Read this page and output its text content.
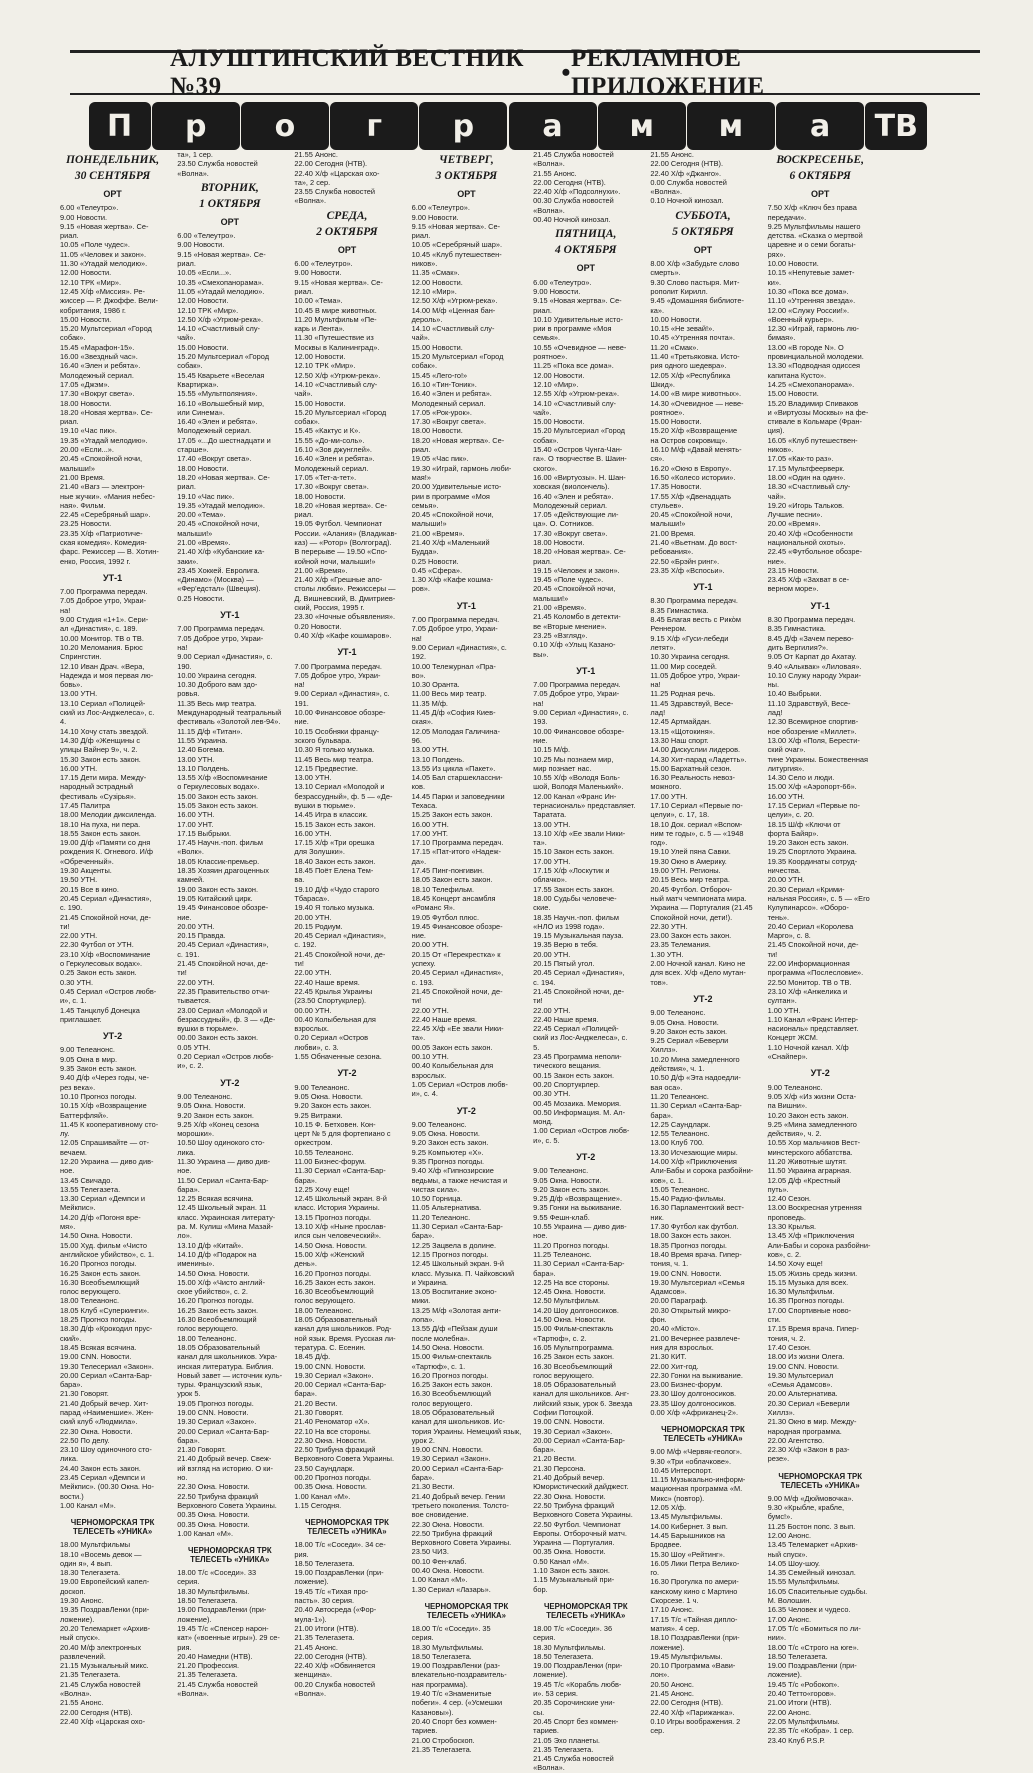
АЛУШТИНСКИЙ ВЕСТНИК №39	• РЕКЛАМНОЕ ПРИЛОЖЕНИЕ
П	р	о	г	р	а	м	м	а	ТВ
ПОНЕДЕЛЬНИК,
30 СЕНТЯБРЯ
ОРТ
6.00 «Телеутро».
9.00 Новости.
9.15 «Новая жертва». Се-
риал.
10.05 «Поле чудес».
11.05 «Человек и закон».
11.30 «Угадай мелодию».
12.00 Новости.
12.10 ТРК «Мир».
12.45 Х/ф «Миссия». Ре-
жиссер — Р. Джоффе. Вели-
кобритания, 1986 г.
15.00 Новости.
15.20 Мультсериал «Город
собак».
15.45 «Марафон-15».
16.00 «Звездный час».
16.40 «Элен и ребята».
Молодежный сериал.
17.05 «Джэм».
17.30 «Вокруг света».
18.00 Новости.
18.20 «Новая жертва». Се-
риал.
19.10 «Час пик».
19.35 «Угадай мелодию».
20.00 «Если...».
20.45 «Спокойной ночи,
малыши!»
21.00 Время.
21.40 «Вагз — электрон-
ные жучки». «Мания небес-
ная». Фильм.
22.45 «Серебряный шар».
23.25 Новости.
23.35 Х/ф «Патриотиче-
ская комедия». Комедия-
фарс. Режиссер — В. Хотин-
енко, Россия, 1992 г.
УТ-1
7.00 Программа передач.
7.05 Доброе утро, Украи-
на!
9.00 Студия «1+1». Сери-
ал «Династия», с. 189.
10.00 Монитор. ТВ о ТВ.
10.20 Меломания. Брюс
Спрингстин.
12.10 Иван Драч. «Вера,
Надежда и моя первая лю-
бовь».
13.00 УТН.
13.10 Сериал «Полицей-
ский из Лос-Анджелеса», с.
4.
14.10 Хочу стать звездой.
14.30 Д/ф «Женщины с
улицы Вайнер 9», ч. 2.
15.30 Закон есть закон.
16.00 УТН.
17.15 Дети мира. Между-
народный эстрадный
фестиваль «Сузірья».
17.45 Палитра
18.00 Мелодии диксиленда.
18.10 На пуха, ни пера.
18.55 Закон есть закон.
19.00 Д/ф «Памяти со дня
рождения К. Огневого. И/ф
«Обреченный».
19.30 Акценты.
19.50 УТН.
20.15 Все в кино.
20.45 Сериал «Династия»,
с. 190.
21.45 Спокойной ночи, де-
ти!
22.00 УТН.
22.30 Футбол от УТН.
23.10 Х/ф «Воспоминание
о Геркулесовых водах».
0.25 Закон есть закон.
0.30 УТН.
0.45 Сериал «Остров любв-
и», с. 1.
1.45 Танцклуб Донецка
приглашает.
УТ-2
9.00 Телеанонс.
9.05 Окна в мир.
9.35 Закон есть закон.
9.40 Д/ф «Через годы, че-
рез века».
10.10 Прогноз погоды.
10.15 Х/ф «Возвращение
Баттерфляй».
11.45 К кооперативному сто-
лу.
12.05 Спрашивайте — от-
вечаем.
12.20 Украина — диво див-
ное.
13.45 Свичадо.
13.55 Телегазета.
13.30 Сериал «Демпси и
Мейкпис».
14.20 Д/ф «Погоня вре-
мя».
14.50 Окна. Новости.
15.00 Худ. фильм «Чисто
английское убийство», с. 1.
16.20 Прогноз погоды.
16.25 Закон есть закон.
16.30 Всеобъемлющий
голос верующего.
18.00 Телеанонс.
18.05 Клуб «Суперкинги».
18.25 Прогноз погоды.
18.30 Д/ф «Крокодил прус-
ский».
18.45 Всякая всячина.
19.00 CNN. Новости.
19.30 Телесериал «Закон».
20.00 Сериал «Санта-Бар-
бара».
21.30 Говорят.
21.40 Добрый вечер. Хит-
парад «Наименшие». Жен-
ский клуб «Людмила».
22.30 Окна. Новости.
22.50 По делу.
23.10 Шоу одиночного сто-
лика.
24.40 Закон есть закон.
23.45 Сериал «Демпси и
Мейкпис». (00.30 Окна. Но-
вости.)
1.00 Канал «М».
ЧЕРНОМОРСКАЯ ТРК ТЕЛЕСЕТЬ «УНИКА»
18.00 Мультфильмы
18.10 «Восемь девок —
один я», 4 вып.
18.30 Телегазета.
19.00 Европейский капел-
доскоп.
19.30 Анонс.
19.35 ПоздравЛенки (при-
ложение).
20.20 Телемаркет «Архив-
ный спуск».
20.40 М/ф электронных
развлечений.
21.15 Музыкальный микс.
21.35 Телегазета.
21.45 Служба новостей
«Волна».
21.55 Анонс.
22.00 Сегодня (НТВ).
22.40 Х/ф «Царская охо-
та», 1 сер.
23.50 Служба новостей
«Волна».
ВТОРНИК,
1 ОКТЯБРЯ
ОРТ
6.00 «Телеутро».
9.00 Новости.
9.15 «Новая жертва». Се-
риал.
10.05 «Если...».
10.35 «Смехопанорама».
11.05 «Угадай мелодию».
12.00 Новости.
12.10 ТРК «Мир».
12.50 Х/ф «Угрюм-река».
14.10 «Счастливый слу-
чай».
15.00 Новости.
15.20 Мультсериал «Город
собак».
15.45 Кварьете «Веселая
Квартирка».
15.55 «Мультполяния».
16.10 «Вольшебный мир,
или Синема».
16.40 «Элен и ребята».
Молодежный сериал.
17.05 «...До шестнадцати и
старше».
17.40 «Вокруг света».
18.00 Новости.
18.20 «Новая жертва». Се-
риал.
19.10 «Час пик».
19.35 «Угадай мелодию».
20.00 «Тема».
20.45 «Спокойной ночи,
малыши!»
21.00 «Время».
21.40 Х/ф «Кубанские ка-
заки».
23.45 Хоккей. Евролига.
«Динамо» (Москва) —
«Фер'едстал» (Швеция).
0.25 Новости.
УТ-1
7.00 Программа передач.
7.05 Доброе утро, Украи-
на!
9.00 Сериал «Династия», с.
190.
10.00 Украина сегодня.
10.30 Доброго вам здо-
ровья.
11.35 Весь мир театра.
Международный театральный
фестиваль «Золотой лев-94».
11.15 Д/ф «Титан».
11.55 Украина.
12.40 Богема.
13.00 УТН.
13.10 Полдень.
13.55 Х/ф «Воспоминание
о Геркулесовых водах».
15.00 Закон есть закон.
15.05 Закон есть закон.
16.00 УТН.
17.00 УНТ.
17.15 Выбрыки.
17.45 Научн.-поп. фильм
«Волк».
18.05 Классик-премьер.
18.35 Хозяин драгоценных
камней.
19.00 Закон есть закон.
19.05 Китайский цирк.
19.45 Финансовое обозре-
ние.
20.00 УТН.
20.15 Правда.
20.45 Сериал «Династия»,
с. 191.
21.45 Спокойной ночи, де-
ти!
22.00 УТН.
22.35 Правительство отчи-
тывается.
23.00 Сериал «Молодой и
безрассудный», ф. 3 — «Де-
вушки в тюрьме».
00.00 Закон есть закон.
0.05 УТН.
0.20 Сериал «Остров любв-
и», с. 2.
УТ-2
9.00 Телеанонс.
9.05 Окна. Новости.
9.20 Закон есть закон.
9.25 Х/ф «Конец сезона
морошки».
10.50 Шоу одинокого сто-
лика.
11.30 Украина — диво див-
ное.
11.50 Сериал «Санта-Бар-
бара».
12.25 Всякая всячина.
12.45 Школьный экран. 11
класс. Украинская литерату-
ра. М. Кулиш «Мина Мазай-
ло».
13.10 Д/ф «Китай».
14.10 Д/ф «Подарок на
именины».
14.50 Окна. Новости.
15.00 Х/ф «Чисто англий-
ское убийство», с. 2.
16.20 Прогноз погоды.
16.25 Закон есть закон.
16.30 Всеобъемлющий
голос верующего.
18.00 Телеанонс.
18.05 Образовательный
канал для школьников. Укра-
инская литература. Библия.
Новый завет — источник куль-
туры. Французский язык,
урок 5.
19.05 Прогноз погоды.
19.00 CNN. Новости.
19.30 Сериал «Закон».
20.00 Сериал «Санта-Бар-
бара».
21.30 Говорят.
21.40 Добрый вечер. Свеж-
ий взгляд на историю. О ки-
но.
22.30 Окна. Новости.
22.50 Трибуна фракций
Верховного Совета Украины.
00.35 Окна. Новости.
00.35 Окна. Новости.
1.00 Канал «М».
ЧЕРНОМОРСКАЯ ТРК ТЕЛЕСЕТЬ «УНИКА»
18.00 Т/с «Соседи». 33
серия.
18.30 Мультфильмы.
18.50 Телегазета.
19.00 ПоздравЛенки (при-
ложение).
19.45 Т/с «Спенсер нарон-
кат» («военные игры»). 29 се-
рия.
20.40 Намедни (НТВ).
21.20 Профессия.
21.35 Телегазета.
21.45 Служба новостей
«Волна».
21.55 Анонс.
22.00 Сегодня (НТВ).
22.40 Х/ф «Царская охо-
та», 2 сер.
23.55 Служба новостей
«Волна».
СРЕДА,
2 ОКТЯБРЯ
ОРТ
6.00 «Телеутро».
9.00 Новости.
9.15 «Новая жертва». Се-
риал.
10.00 «Тема».
10.45 В мире животных.
11.20 Мультфильм «Пе-
карь и Лента».
11.30 «Путешествие из
Москвы в Калининград».
12.00 Новости.
12.10 ТРК «Мир».
12.50 Х/ф «Угрюм-река».
14.10 «Счастливый слу-
чай».
15.00 Новости.
15.20 Мультсериал «Город
собак».
15.45 «Кактус и К».
15.55 «До-ми-соль».
16.10 «Зов джунглей».
16.40 «Элен и ребята».
Молодежный сериал.
17.05 «Тет-а-тет».
17.30 «Вокруг света».
18.00 Новости.
18.20 «Новая жертва». Се-
риал.
19.05 Футбол. Чемпионат
России. «Алания» (Владикав-
каз) — «Ротор» (Волгоград).
В перерыве — 19.50 «Спо-
койной ночи, малыши!»
21.00 «Время».
21.40 Х/ф «Грешные апо-
столы любви». Режиссеры —
Д. Вишневский, В. Дмитриев-
ский, Россия, 1995 г.
23.30 «Ночные объявления».
0.20 Новости.
0.40 Х/ф «Кафе кошмаров».
УТ-1
7.00 Программа передач.
7.05 Доброе утро, Украи-
на!
9.00 Сериал «Династия», с.
191.
10.00 Финансовое обозре-
ние.
10.15 Особняки францу-
зского бульвара.
10.30 Я только музыка.
11.45 Весь мир театра.
12.15 Предвестие.
13.00 УТН.
13.10 Сериал «Молодой и
безрассудный», ф. 5 — «Де-
вушки в тюрьме».
14.45 Игра в классик.
15.15 Закон есть закон.
16.00 УТН.
17.15 Х/ф «Три орешка
для Золушки».
18.40 Закон есть закон.
18.45 Поёт Елена Тем-
ва.
19.10 Д/ф «Чудо старого
Тбараса».
19.40 Я только музыка.
20.00 УТН.
20.15 Родиум.
20.45 Сериал «Династия»,
с. 192.
21.45 Спокойной ночи, де-
ти!
22.00 УТН.
22.40 Наше время.
22.45 Крылья Украины
(23.50 Спортукрлер).
00.00 УТН.
00.40 Колыбельная для
взрослых.
0.20 Сериал «Остров
любви», с. 3.
1.55 Обначенные сезона.
УТ-2
9.00 Телеанонс.
9.05 Окна. Новости.
9.20 Закон есть закон.
9.25 Витражи.
10.15 Ф. Бетховен. Кон-
церт № 5 для фортепиано с
оркестром.
10.55 Телеанонс.
11.00 Бизнес-форум.
11.30 Сериал «Санта-Бар-
бара».
12.25 Хочу еще!
12.45 Школьный экран. 8-й
класс. История Украины.
13.15 Прогноз погоды.
13.10 Х/ф «Ныне прослав-
ился сын человеческий».
14.50 Окна. Новости.
15.00 Х/ф «Женский
день».
16.20 Прогноз погоды.
16.25 Закон есть закон.
16.30 Всеобъемлющий
голос верующего.
18.00 Телеанонс.
18.05 Образовательный
канал для школьников. Род-
ной язык. Время. Русская ли-
тература. С. Есенин.
18.45 Д/ф.
19.00 CNN. Новости.
19.30 Сериал «Закон».
20.00 Сериал «Санта-Бар-
бара».
21.20 Вести.
21.30 Говорят.
21.40 Реноматор «Х».
22.10 На все стороны.
22.30 Окна. Новости.
22.50 Трибуна фракций
Верховного Совета Украины.
23.50 Саундларк.
00.20 Прогноз погоды.
00.35 Окна. Новости.
1.00 Канал «М».
1.15 Сегодня.
ЧЕРНОМОРСКАЯ ТРК ТЕЛЕСЕТЬ «УНИКА»
18.00 Т/с «Соседи». 34 се-
рия.
18.50 Телегазета.
19.00 ПоздравЛенки (при-
ложение).
19.45 Т/с «Тихая про-
пасть». 30 серия.
20.40 Автосреда («Фор-
мула-1»).
21.00 Итоги (НТВ).
21.35 Телегазета.
21.45 Анонс.
22.00 Сегодня (НТВ).
22.40 Х/ф «Обвиняется
женщина».
00.20 Служба новостей
«Волна».
ЧЕТВЕРГ,
3 ОКТЯБРЯ
ОРТ
6.00 «Телеутро».
9.00 Новости.
9.15 «Новая жертва». Се-
риал.
10.05 «Серебряный шар».
10.45 «Клуб путешествен-
ников».
11.35 «Смак».
12.00 Новости.
12.10 «Мир».
12.50 Х/ф «Угрюм-река».
14.00 М/ф «Ценная бан-
дероль».
14.10 «Счастливый слу-
чай».
15.00 Новости.
15.20 Мультсериал «Город
собак».
15.45 «Лего-го!»
16.10 «Тин-Тоник».
16.40 «Элен и ребята».
Молодежный сериал.
17.05 «Рок-урок».
17.30 «Вокруг света».
18.00 Новости.
18.20 «Новая жертва». Се-
риал.
19.05 «Час пик».
19.30 «Играй, гармонь люби-
мая!»
20.00 Удивительные исто-
рии в программе «Моя
семья».
20.45 «Спокойной ночи,
малыши!»
21.00 «Время».
21.40 Х/ф «Маленький
Будда».
0.25 Новости.
0.45 «Сфера».
1.30 Х/ф «Кафе кошма-
ров».
УТ-1
7.00 Программа передач.
7.05 Доброе утро, Украи-
на!
9.00 Сериал «Династия», с.
192.
10.00 Тележурнал «Пра-
во».
10.30 Оранта.
11.00 Весь мир театр.
11.35 М/ф.
11.45 Д/ф «София Киев-
ская».
12.05 Молодая Галичина-
96.
13.00 УТН.
13.10 Полдень.
13.55 Из цикла «Пакет».
14.05 Бал старшеклассни-
ков.
14.45 Парки и заповедники
Техаса.
15.25 Закон есть закон.
16.00 УТН.
17.00 УНТ.
17.10 Программа передач.
17.15 «Пат-итого «Надеж-
да».
17.45 Пинг-понгивин.
18.05 Закон есть закон.
18.10 Телефильм.
18.45 Концерт ансамбля
«Романс Я».
19.05 Футбол плюс.
19.45 Финансовое обозре-
ние.
20.00 УТН.
20.15 От «Перекрестка» к
успеху.
20.45 Сериал «Династия»,
с. 193.
21.45 Спокойной ночи, де-
ти!
22.00 УТН.
22.40 Наше время.
22.45 Х/ф «Ее звали Ники-
та».
00.05 Закон есть закон.
00.10 УТН.
00.40 Колыбельная для
взрослых.
1.05 Сериал «Остров любв-
и», с. 4.
УТ-2
9.00 Телеанонс.
9.05 Окна. Новости.
9.20 Закон есть закон.
9.25 Компьютер «Х».
9.35 Прогноз погоды.
9.40 Х/ф «Гипнозирские
ведьмы, а также нечистая и
чистая сила».
10.50 Горница.
11.05 Альтернатива.
11.20 Телеанонс.
11.30 Сериал «Санта-Бар-
бара».
12.25 Зацвела в долине.
12.15 Прогноз погоды.
12.45 Школьный экран. 9-й
класс. Музыка. П. Чайковский
и Украина.
13.05 Воспитание эконо-
мики.
13.25 М/ф «Золотая анти-
лопа».
13.55 Д/ф «Пейзаж души
после молебна».
14.50 Окна. Новости.
15.00 Фильм-спектакль
«Тартюф», с. 1.
16.20 Прогноз погоды.
16.25 Закон есть закон.
16.30 Всеобъемлющий
голос верующего.
18.05 Образовательный
канал для школьников. Ис-
тория Украины. Немецкий язык,
урок 2.
19.00 CNN. Новости.
19.30 Сериал «Закон».
20.00 Сериал «Санта-Бар-
бара».
21.30 Вести.
21.40 Добрый вечер. Гении
третьего поколения. Толсто-
вое сновидение.
22.30 Окна. Новости.
22.50 Трибуна фракций
Верховного Совета Украины.
23.50 ЧИЗ.
00.10 Фен-клаб.
00.40 Окна. Новости.
1.00 Канал «М».
1.30 Сериал «Лазарь».
ЧЕРНОМОРСКАЯ ТРК ТЕЛЕСЕТЬ «УНИКА»
18.00 Т/с «Соседи». 35
серия.
18.30 Мультфильмы.
18.50 Телегазета.
19.00 ПоздравЛенки (раз-
влекательно-поздравитель-
ная программа).
19.40 Т/с «Знаменитые
побеги». 4 сер. («Усмешки
Казановы»).
20.40 Спорт без коммен-
тариев.
21.00 Стробоскоп.
21.35 Телегазета.
21.45 Служба новостей
«Волна».
21.55 Анонс.
22.00 Сегодня (НТВ).
22.40 Х/ф «Подсолнухи».
00.30 Служба новостей
«Волна».
00.40 Ночной кинозал.
ПЯТНИЦА,
4 ОКТЯБРЯ
ОРТ
6.00 «Телеутро».
9.00 Новости.
9.15 «Новая жертва». Се-
риал.
10.10 Удивительные исто-
рии в программе «Моя
семья».
10.55 «Очевидное — неве-
роятное».
11.25 «Пока все дома».
12.00 Новости.
12.10 «Мир».
12.55 Х/ф «Угрюм-река».
14.10 «Счастливый слу-
чай».
15.00 Новости.
15.20 Мультсериал «Город
собак».
15.40 «Остров Чунга-Чан-
га». О творчестве В. Шаин-
ского».
16.00 «Виртуозы». Н. Шан-
ховская (виолончель).
16.40 «Элен и ребята».
Молодежный сериал.
17.05 «Действующие ли-
ца». О. Сотников.
17.30 «Вокруг света».
18.00 Новости.
18.20 «Новая жертва». Се-
риал.
19.15 «Человек и закон».
19.45 «Поле чудес».
20.45 «Спокойной ночи,
малыши!»
21.00 «Время».
21.45 Коломбо в детекти-
ве «Вторые мнение».
23.25 «Взгляд».
0.10 Х/ф «Улыц Казано-
вы».
УТ-1
7.00 Программа передач.
7.05 Доброе утро, Украи-
на!
9.00 Сериал «Династия», с.
193.
10.00 Финансовое обозре-
ние.
10.15 М/ф.
10.25 Мы познаем мир,
мир познает нас.
10.55 Х/ф «Володя Боль-
шой, Володя Маленький».
12.00 Канал «Франс Ин-
тернасиональ» представляет.
Таратата.
13.00 УТН.
13.10 Х/ф «Ее звали Ники-
та».
15.10 Закон есть закон.
17.00 УТН.
17.15 Х/ф «Лоскутик и
облачко».
17.55 Закон есть закон.
18.00 Судьбы человече-
ские.
18.35 Научн.-поп. фильм
«НЛО из 1998 года».
19.15 Музыкальная пауза.
19.35 Верю в тебя.
20.00 УТН.
20.15 Пятый угол.
20.45 Сериал «Династия»,
с. 194.
21.45 Спокойной ночи, де-
ти!
22.00 УТН.
22.40 Наше время.
22.45 Сериал «Полицей-
ский из Лос-Анджелеса», с.
5.
23.45 Программа неполи-
тического вещания.
00.15 Закон есть закон.
00.20 Спортукрлер.
00.30 УТН.
00.45 Мозаика. Мемория.
00.50 Информация. М. Ал-
монд.
1.00 Сериал «Остров любв-
и», с. 5.
УТ-2
9.00 Телеанонс.
9.05 Окна. Новости.
9.20 Закон есть закон.
9.25 Д/ф «Возвращение».
9.35 Гонки на выживание.
9.55 Фешн-клаб.
10.55 Украина — диво див-
ное.
11.20 Прогноз погоды.
11.25 Телеанонс.
11.30 Сериал «Санта-Бар-
бара».
12.25 На все стороны.
12.45 Окна. Новости.
12.50 Мультфильм.
14.20 Шоу долгоносиков.
14.50 Окна. Новости.
15.00 Фильм-спектакль
«Тартюф», с. 2.
16.05 Мультпрограмма.
16.25 Закон есть закон.
16.30 Всеобъемлющий
голос верующего.
18.05 Образовательный
канал для школьников. Анг-
лийский язык, урок 6. Звезда
Софии Потоцкой.
19.00 CNN. Новости.
19.30 Сериал «Закон».
20.00 Сериал «Санта-Бар-
бара».
21.20 Вести.
21.30 Персона.
21.40 Добрый вечер.
Юмористический дайджест.
22.30 Окна. Новости.
22.50 Трибуна фракций
Верховного Совета Украины.
22.50 Футбол. Чемпионат
Европы. Отборочный матч.
Украина — Португалия.
00.35 Окна. Новости.
0.50 Канал «М».
1.10 Закон есть закон.
1.15 Музыкальный при-
бор.
ЧЕРНОМОРСКАЯ ТРК ТЕЛЕСЕТЬ «УНИКА»
18.00 Т/с «Соседи». 36
серия.
18.30 Мультфильмы.
18.50 Телегазета.
19.00 ПоздравЛенки (при-
ложение).
19.45 Т/с «Корабль любв-
и». 53 серия.
20.35 Сорочинские уни-
сы.
20.45 Спорт без коммен-
тариев.
21.05 Эхо планеты.
21.35 Телегазета.
21.45 Служба новостей
«Волна».
21.55 Анонс.
22.00 Сегодня (НТВ).
22.40 Х/ф «Джанго».
0.00 Служба новостей
«Волна».
0.10 Ночной кинозал.
СУББОТА,
5 ОКТЯБРЯ
ОРТ
8.00 Х/ф «Забудьте слово
смерть».
9.30 Слово пастыря. Мит-
рополит Кирилл.
9.45 «Домашняя библиоте-
ка».
10.00 Новости.
10.15 «Не зевай!».
10.45 «Утренняя почта».
11.20 «Смак».
11.40 «Третьяковка. Исто-
рия одного шедевра».
12.05 Х/ф «Республика
Шкид».
14.00 «В мире животных».
14.30 «Очевидное — неве-
роятное».
15.00 Новости.
15.20 Х/ф «Возвращение
на Остров сокровищ».
16.10 М/ф «Давай менять-
ся».
16.20 «Окно в Европу».
16.50 «Колесо истории».
17.35 Новости.
17.55 Х/ф «Двенадцать
стульев».
20.45 «Спокойной ночи,
малыши!»
21.00 Время.
21.40 «Вьетнам. До вост-
ребования».
22.50 «Брэйн ринг».
23.35 Х/ф «Вспосьи».
УТ-1
8.30 Программа передач.
8.35 Гимнастика.
8.45 Благая весть с Рико̀м
Реннером.
9.15 Х/ф «Гуси-лебеди
летят».
10.30 Украина сегодня.
11.00 Мир соседей.
11.05 Доброе утро, Украи-
на!
11.25 Родная речь.
11.45 Здравствуй, Весе-
лад!
12.45 Артмайдан.
13.15 «Щотокиня».
13.30 Наш спорт.
14.00 Дискуслии лидеров.
14.30 Хит-парад «Ладетть».
15.00 Бархатный сезон.
16.30 Реальность невоз-
можного.
17.00 УТН.
17.10 Сериал «Первые по-
целуи», с. 17, 18.
18.10 Док. сериал «Вспом-
ним те годы», с. 5 — «1948
год».
19.10 Улей пяна Савки.
19.30 Окно в Америку.
19.00 УТН. Регионы.
20.15 Весь мир театра.
20.45 Футбол. Отбороч-
ный матч чемпионата мира.
Украина — Португалия (21.45
Спокойной ночи, дети!).
22.30 УТН.
23.00 Закон есть закон.
23.35 Телемания.
1.30 УТН.
2.00 Ночной канал. Кино не
для всех. Х/ф «Дело мутан-
тов».
УТ-2
9.00 Телеанонс.
9.05 Окна. Новости.
9.20 Закон есть закон.
9.25 Сериал «Беверли
Хиллз».
10.20 Мина замедленного
действия», ч. 1.
10.50 Д/ф «Эта надоедли-
вая оса».
11.20 Телеанонс.
11.30 Сериал «Санта-Бар-
бара».
12.25 Саундларк.
12.55 Телеанонс.
13.00 Клуб 700.
13.30 Исчезающие миры.
14.00 Х/ф «Приключения
Али-Бабы и сорока разбойни-
ков», с. 1.
15.05 Телеанонс.
15.40 Радио-фильмы.
16.30 Парламентский вест-
ник.
17.30 Футбол как футбол.
18.00 Закон есть закон.
18.35 Прогноз погоды.
18.40 Время врача. Гипер-
тония, ч. 1.
19.00 CNN. Новости.
19.30 Мультсериал «Семья
Адамсов».
20.00 Параграф.
20.30 Открытый микро-
фон.
20.40 «Мiсто».
21.00 Вечернее развлече-
ния для взрослых.
21.30 КИТ.
22.00 Хит-год.
22.30 Гонки на выживание.
23.00 Бизнес-форум.
23.30 Шоу долгоносиков.
23.35 Шоу долгоносиков.
0.00 Х/ф «Африканец-2».
ЧЕРНОМОРСКАЯ ТРК ТЕЛЕСЕТЬ «УНИКА»
9.00 М/ф «Червяк-геолог».
9.30 «Три «облачкове».
10.45 Интерспорт.
11.15 Музыкально-информ-
мационная программа «М.
Микс» (повтор).
12.05 Х/ф.
13.45 Мультфильмы.
14.00 Кибернет. 3 вып.
14.45 Барышников на
Бродвее.
15.30 Шоу «Рейтинг».
16.05 Лики Петра Велико-
го.
16.30 Прогулка по амери-
канскому кино с Мартино
Скорсезе. 1 ч.
17.10 Анонс.
17.15 Т/с «Тайная дипло-
матия». 4 сер.
18.10 ПоздравЛенки (при-
ложение).
19.45 Мультфильмы.
20.10 Программа «Вави-
лон».
20.50 Анонс.
21.45 Анонс.
22.00 Сегодня (НТВ).
22.40 Х/ф «Парижанка».
0.10 Игры воображения. 2
сер.
ВОСКРЕСЕНЬЕ,
6 ОКТЯБРЯ
ОРТ
7.50 Х/ф «Ключ без права
передачи».
9.25 Мультфильмы нашего
детства. «Сказка о мертвой
царевне и о семи богаты-
рях».
10.00 Новости.
10.15 «Непутевые замет-
ки».
10.30 «Пока все дома».
11.10 «Утренняя звезда».
12.00 «Служу России!».
«Военный курьер».
12.30 «Играй, гармонь лю-
бимая».
13.00 «В городе N». О
провинциальной молодежи.
13.30 «Подводная одиссея
капитана Кусто».
14.25 «Смехопанорама».
15.00 Новости.
15.20 Владимир Спиваков
и «Виртуозы Москвы» на фе-
стивале в Кольмаре (Фран-
ция).
16.05 «Клуб путешествен-
ников».
17.05 «Как-то раз».
17.15 Мультфеерверк.
18.00 «Один на один».
18.30 «Счастливый слу-
чай».
19.20 «Игорь Тальков.
Лучшие песни».
20.00 «Время».
20.40 Х/ф «Особенности
национальной охоты».
22.45 «Футбольное обозре-
ние».
23.15 Новости.
23.45 Х/ф «Захват в се-
верном море».
УТ-1
8.30 Программа передач.
8.35 Гимнастика.
8.45 Д/ф «Зачем перево-
дить Вергилия?».
9.05 От Карпат до Ахатау.
9.40 «Альквак» «Лиловая».
10.10 Служу народу Украи-
ны.
10.40 Выбрыки.
11.10 Здравствуй, Весе-
лад!
12.30 Всемирное спортив-
ное обозрение «Миллет».
13.00 Х/ф «Поля, Берести-
ский очаг».
тине Украины. Божественная
литургия».
14.30 Село и люди.
15.00 Х/ф «Аэропорт-66».
16.00 УТН.
17.15 Сериал «Первые по-
целуи», с. 20.
18.15 Ш/ф «Ключи от
форта Байяр».
19.20 Закон есть закон.
19.25 Спортлото Украина.
19.35 Координаты сотруд-
ничества.
20.00 УТН.
20.30 Сериал «Крими-
нальная Россия», с. 5 — «Его
Кулупинарсо». «Оборо-
тень».
20.40 Сериал «Королева
Марго», с. 8.
21.45 Спокойной ночи, де-
ти!
22.00 Информационная
программа «Послесловие».
22.50 Монитор. ТВ о ТВ.
23.10 Х/ф «Анжелика и
султан».
1.00 УТН.
1.10 Канал «Франс Интер-
насиональ» представляет.
Концерт ЖСМ.
1.10 Ночной канал. Х/ф
«Снайпер».
УТ-2
9.00 Телеанонс.
9.05 Х/ф «Из жизни Оста-
па Вишни».
10.20 Закон есть закон.
9.25 «Мина замедленного
действия», ч. 2.
10.55 Хор мальчиков Вест-
минстерского аббатства.
11.20 Животные шутят.
11.50 Украина аграрная.
12.05 Д/ф «Крестный
путь».
12.40 Сезон.
13.00 Воскресная утренняя
проповедь.
13.30 Крылья.
13.45 Х/ф «Приключения
Али-Бабы и сорока разбойни-
ков», с. 2.
14.50 Хочу еще!
15.05 Жизнь средь жизни.
15.15 Музыка для всех.
16.30 Мультфильм.
16.35 Прогноз погоды.
17.00 Спортивные ново-
сти.
17.15 Время врача. Гипер-
тония, ч. 2.
17.40 Сезон.
18.00 Из жизни Олега.
19.00 CNN. Новости.
19.30 Мультсериал
«Семья Адамсов».
20.00 Альтернатива.
20.30 Сериал «Беверли
Хиллз».
21.30 Окно в мир. Между-
народная программа.
22.00 Агентство.
22.30 Х/ф «Закон в раз-
резе».
ЧЕРНОМОРСКАЯ ТРК ТЕЛЕСЕТЬ «УНИКА»
9.00 М/ф «Дюймовочка».
9.30 «Крыбле, крабле,
бумс!».
11.25 Бостон попс. 3 вып.
12.00 Анонс.
13.45 Телемаркет «Архив-
ный спуск».
14.05 Шоу-шоу.
14.35 Семейный кинозал.
15.55 Мультфильмы.
16.05 Спасительные судьбы.
М. Волошин.
16.35 Человек и чудесо.
17.00 Анонс.
17.05 Т/с «Бомиться по ли-
нии».
18.00 Т/с «Строго на юге».
18.50 Телегазета.
19.00 ПоздравЛенки (при-
ложение).
19.45 Т/с «Робокоп».
20.40 Тетто«горов».
21.00 Итоги (НТВ).
22.00 Анонс.
22.05 Мультфильмы.
22.35 Т/с «Кобра». 1 сер.
23.40 Клуб Р.S.Р.
